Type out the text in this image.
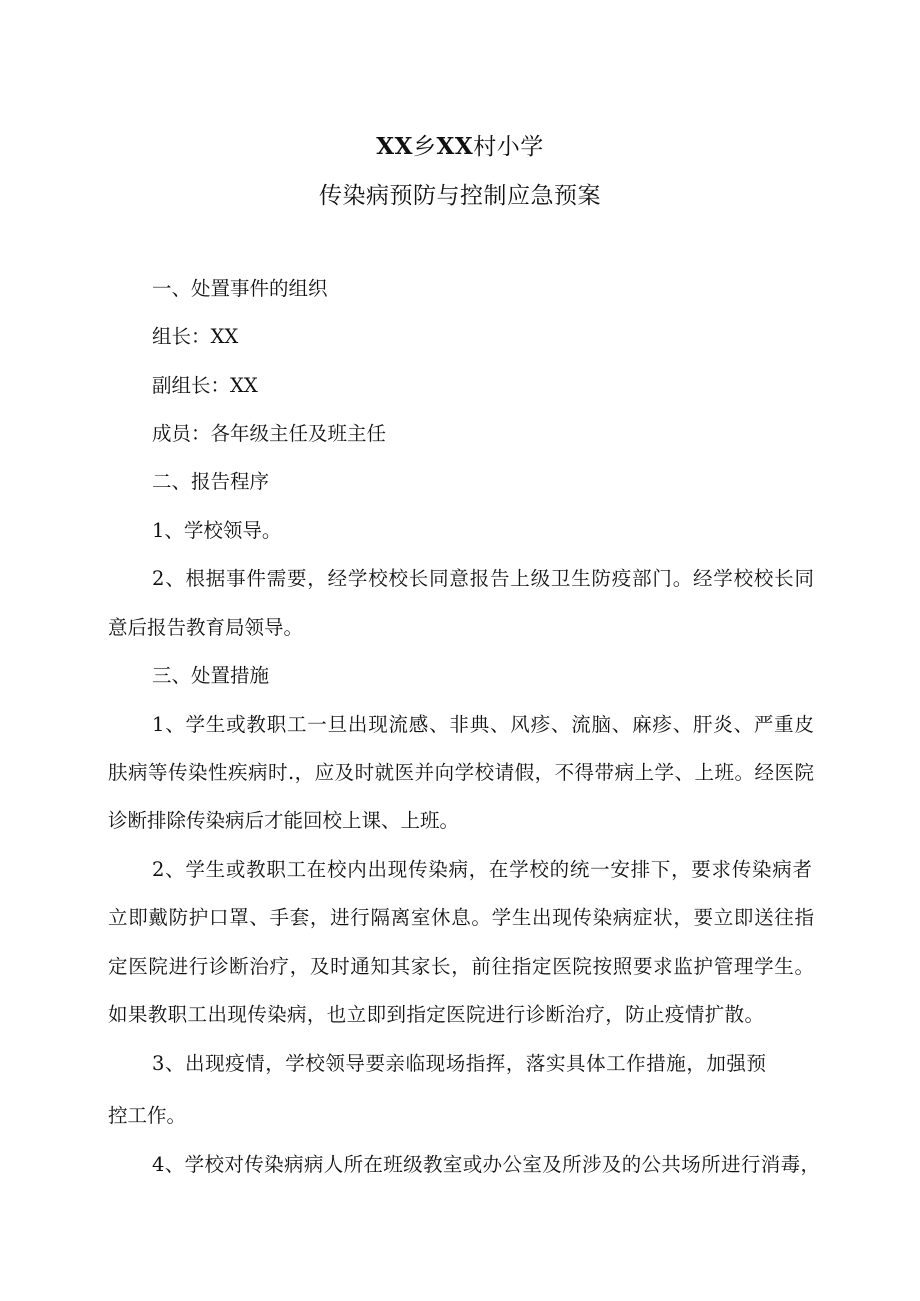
XX乡XX村小学
传染病预防与控制应急预案
一、处置事件的组织
组长：XX
副组长：XX
成员：各年级主任及班主任
二、报告程序
1、学校领导。
2、根据事件需要，经学校校长同意报告上级卫生防疫部门。经学校校长同
意后报告教育局领导。
三、处置措施
1、学生或教职工一旦出现流感、非典、风疹、流脑、麻疹、肝炎、严重皮
肤病等传染性疾病时.，应及时就医并向学校请假，不得带病上学、上班。经医院
诊断排除传染病后才能回校上课、上班。
2、学生或教职工在校内出现传染病，在学校的统一安排下，要求传染病者
立即戴防护口罩、手套，进行隔离室休息。学生出现传染病症状，要立即送往指
定医院进行诊断治疗，及时通知其家长，前往指定医院按照要求监护管理学生。
如果教职工出现传染病，也立即到指定医院进行诊断治疗，防止疫情扩散。
3、出现疫情，学校领导要亲临现场指挥，落实具体工作措施，加强预
控工作。
4、学校对传染病病人所在班级教室或办公室及所涉及的公共场所进行消毒，
